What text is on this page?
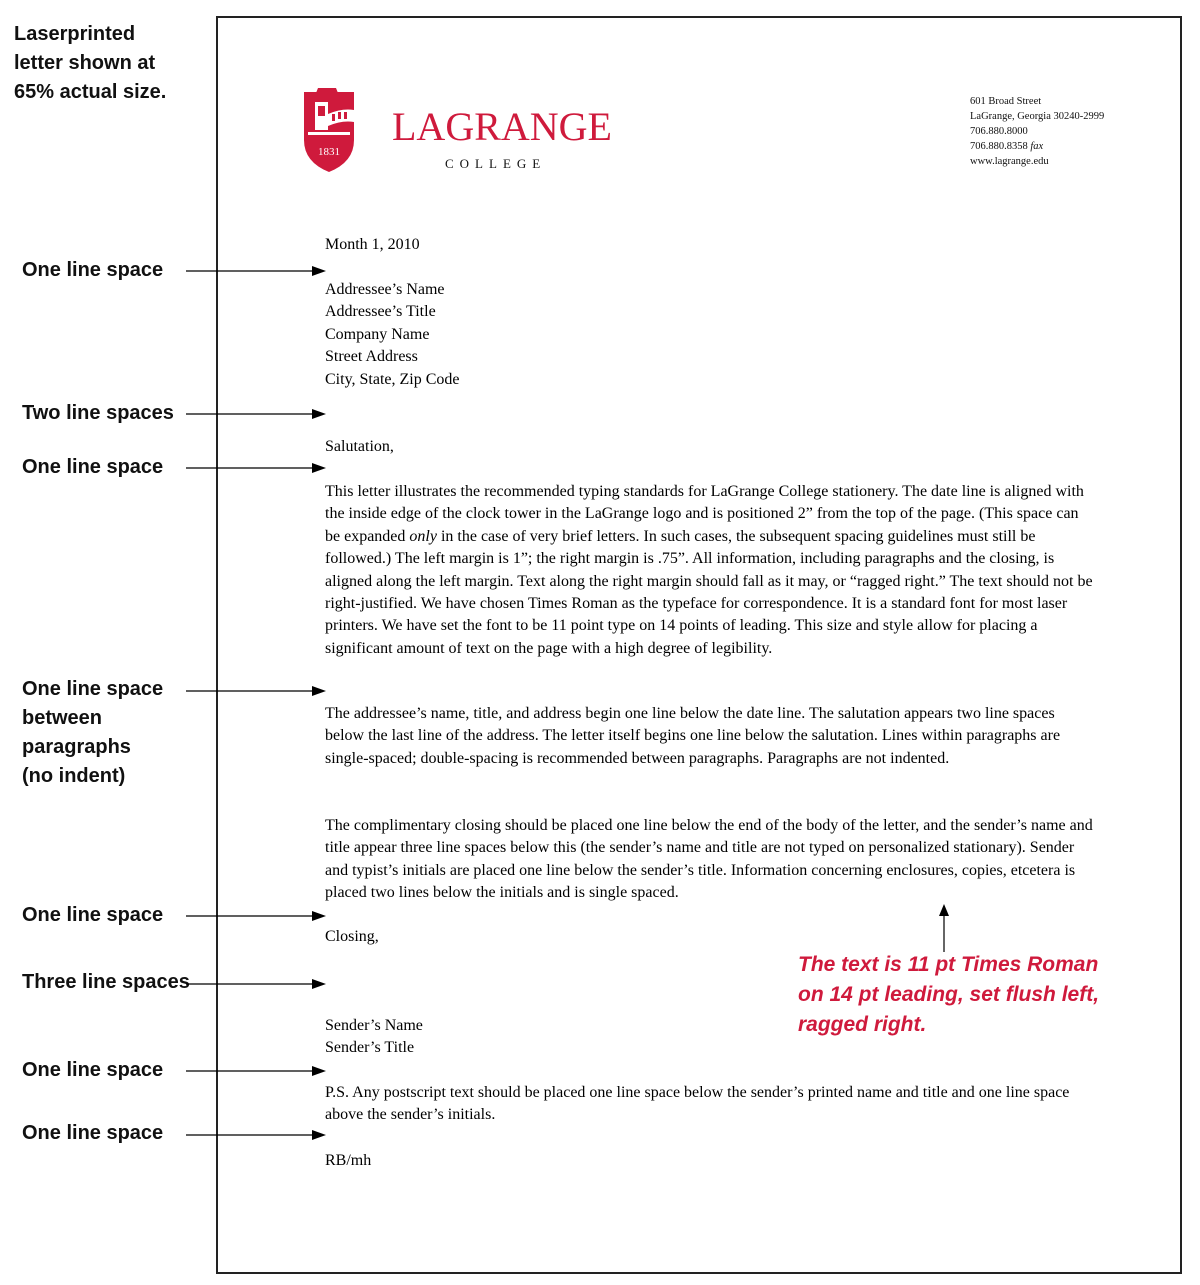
Laserprinted
letter shown at
65% actual size.
1831
LAGRANGE
COLLEGE
601 Broad Street
LaGrange, Georgia 30240-2999
706.880.8000
706.880.8358 fax
www.lagrange.edu
Month 1, 2010
Addressee’s Name
Addressee’s Title
Company Name
Street Address
City, State, Zip Code
Salutation,
This letter illustrates the recommended typing standards for LaGrange College stationery. The date line is aligned with the inside edge of the clock tower in the LaGrange logo and is positioned 2” from the top of the page. (This space can be expanded only in the case of very brief letters. In such cases, the subsequent spacing guidelines must still be followed.) The left margin is 1”; the right margin is .75”. All information, including paragraphs and the closing, is aligned along the left margin. Text along the right margin should fall as it may, or “ragged right.” The text should not be right-justified. We have chosen Times Roman as the typeface for correspondence. It is a standard font for most laser printers. We have set the font to be 11 point type on 14 points of leading. This size and style allow for placing a significant amount of text on the page with a high degree of legibility.
The addressee’s name, title, and address begin one line below the date line. The salutation appears two line spaces below the last line of the address. The letter itself begins one line below the salutation. Lines within paragraphs are single-spaced; double-spacing is recommended between paragraphs. Paragraphs are not indented.
The complimentary closing should be placed one line below the end of the body of the letter, and the sender’s name and title appear three line spaces below this (the sender’s name and title are not typed on personalized stationary). Sender and typist’s initials are placed one line below the sender’s title. Information concerning enclosures, copies, etcetera is placed two lines below the initials and is single spaced.
Closing,
Sender’s Name
Sender’s Title
P.S. Any postscript text should be placed one line space below the sender’s printed name and title and one line space above the sender’s initials.
RB/mh
One line space
Two line spaces
One line space
One line space
between
paragraphs
(no indent)
One line space
Three line spaces
One line space
One line space
The text is 11 pt Times Roman
on 14 pt leading, set flush left,
ragged right.
